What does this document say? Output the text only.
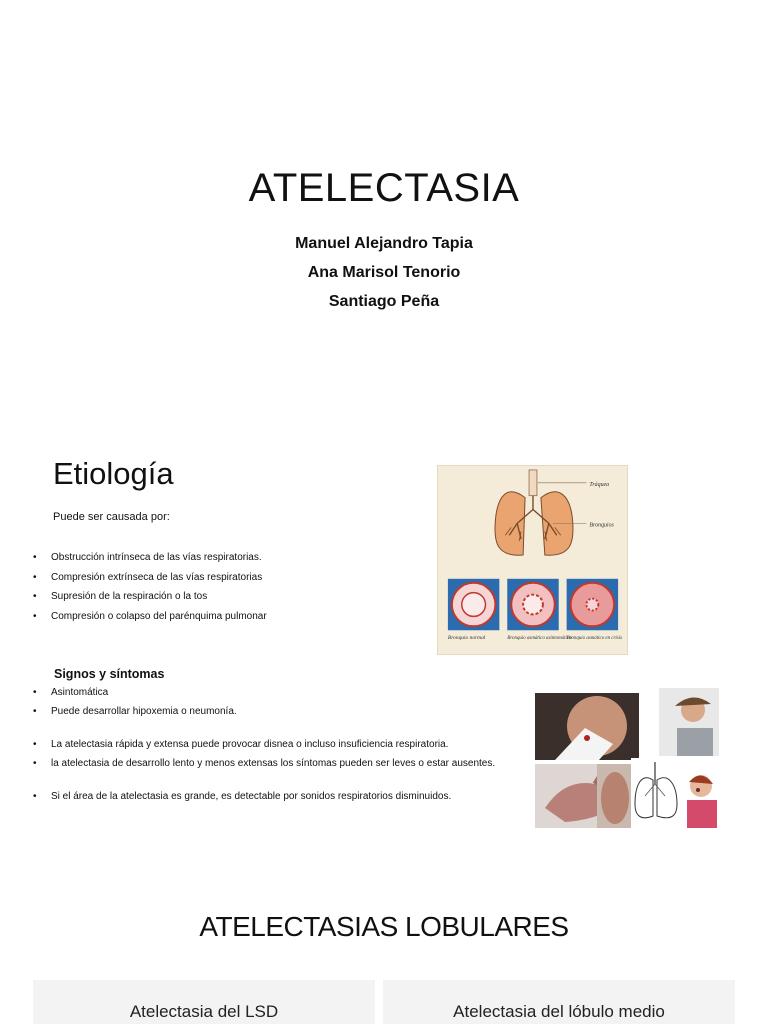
ATELECTASIA
Manuel Alejandro Tapia
Ana Marisol Tenorio
Santiago Peña
Etiología
Puede ser causada por:
• Obstrucción intrínseca de las vías respiratorias.
• Compresión extrínseca de las vías respiratorias
• Supresión de la respiración o la tos
• Compresión o colapso del parénquima pulmonar
Tráquea
Bronquios
Bronquio normal	Bronquio asmático asintomático
Bronquio asmático en crisis
Signos y síntomas
• Asintomática
• Puede desarrollar hipoxemia o neumonía.
• La atelectasia rápida y extensa puede provocar disnea o incluso insuficiencia respiratoria.
• la atelectasia de desarrollo lento y menos extensas los síntomas pueden ser leves o estar ausentes.
• Si el área de la atelectasia es grande, es detectable por sonidos respiratorios disminuidos.
ATELECTASIAS LOBULARES
Atelectasia del LSD	Atelectasia del lóbulo medio
